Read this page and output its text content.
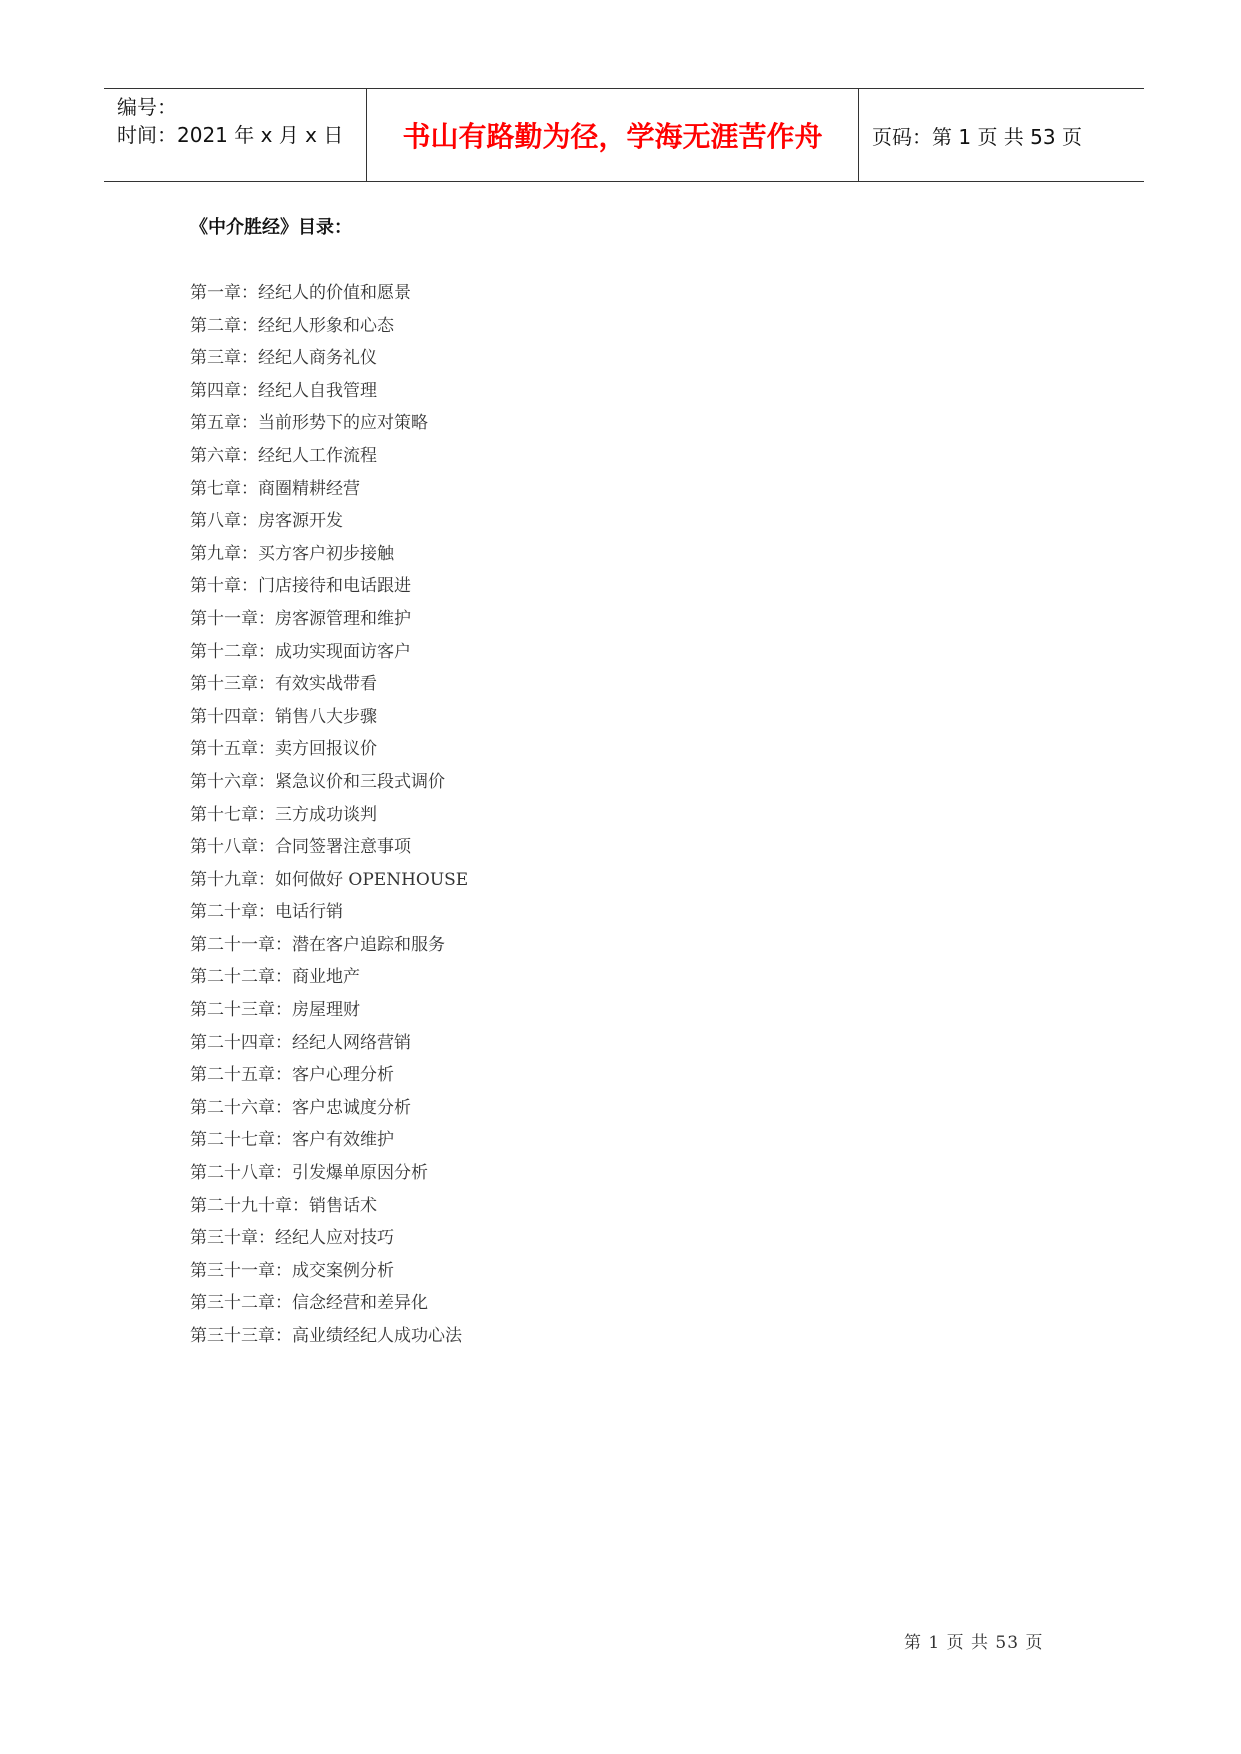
编号：
时间：2021 年 x 月 x 日	书山有路勤为径，学海无涯苦作舟	页码：第 1 页 共 53 页
《中介胜经》目录：
第一章：经纪人的价值和愿景
第二章：经纪人形象和心态
第三章：经纪人商务礼仪
第四章：经纪人自我管理
第五章：当前形势下的应对策略
第六章：经纪人工作流程
第七章：商圈精耕经营
第八章：房客源开发
第九章：买方客户初步接触
第十章：门店接待和电话跟进
第十一章：房客源管理和维护
第十二章：成功实现面访客户
第十三章：有效实战带看
第十四章：销售八大步骤
第十五章：卖方回报议价
第十六章：紧急议价和三段式调价
第十七章：三方成功谈判
第十八章：合同签署注意事项
第十九章：如何做好 OPENHOUSE
第二十章：电话行销
第二十一章：潜在客户追踪和服务
第二十二章：商业地产
第二十三章：房屋理财
第二十四章：经纪人网络营销
第二十五章：客户心理分析
第二十六章：客户忠诚度分析
第二十七章：客户有效维护
第二十八章：引发爆单原因分析
第二十九十章：销售话术
第三十章：经纪人应对技巧
第三十一章：成交案例分析
第三十二章：信念经营和差异化
第三十三章：高业绩经纪人成功心法
第 1 页 共 53 页
